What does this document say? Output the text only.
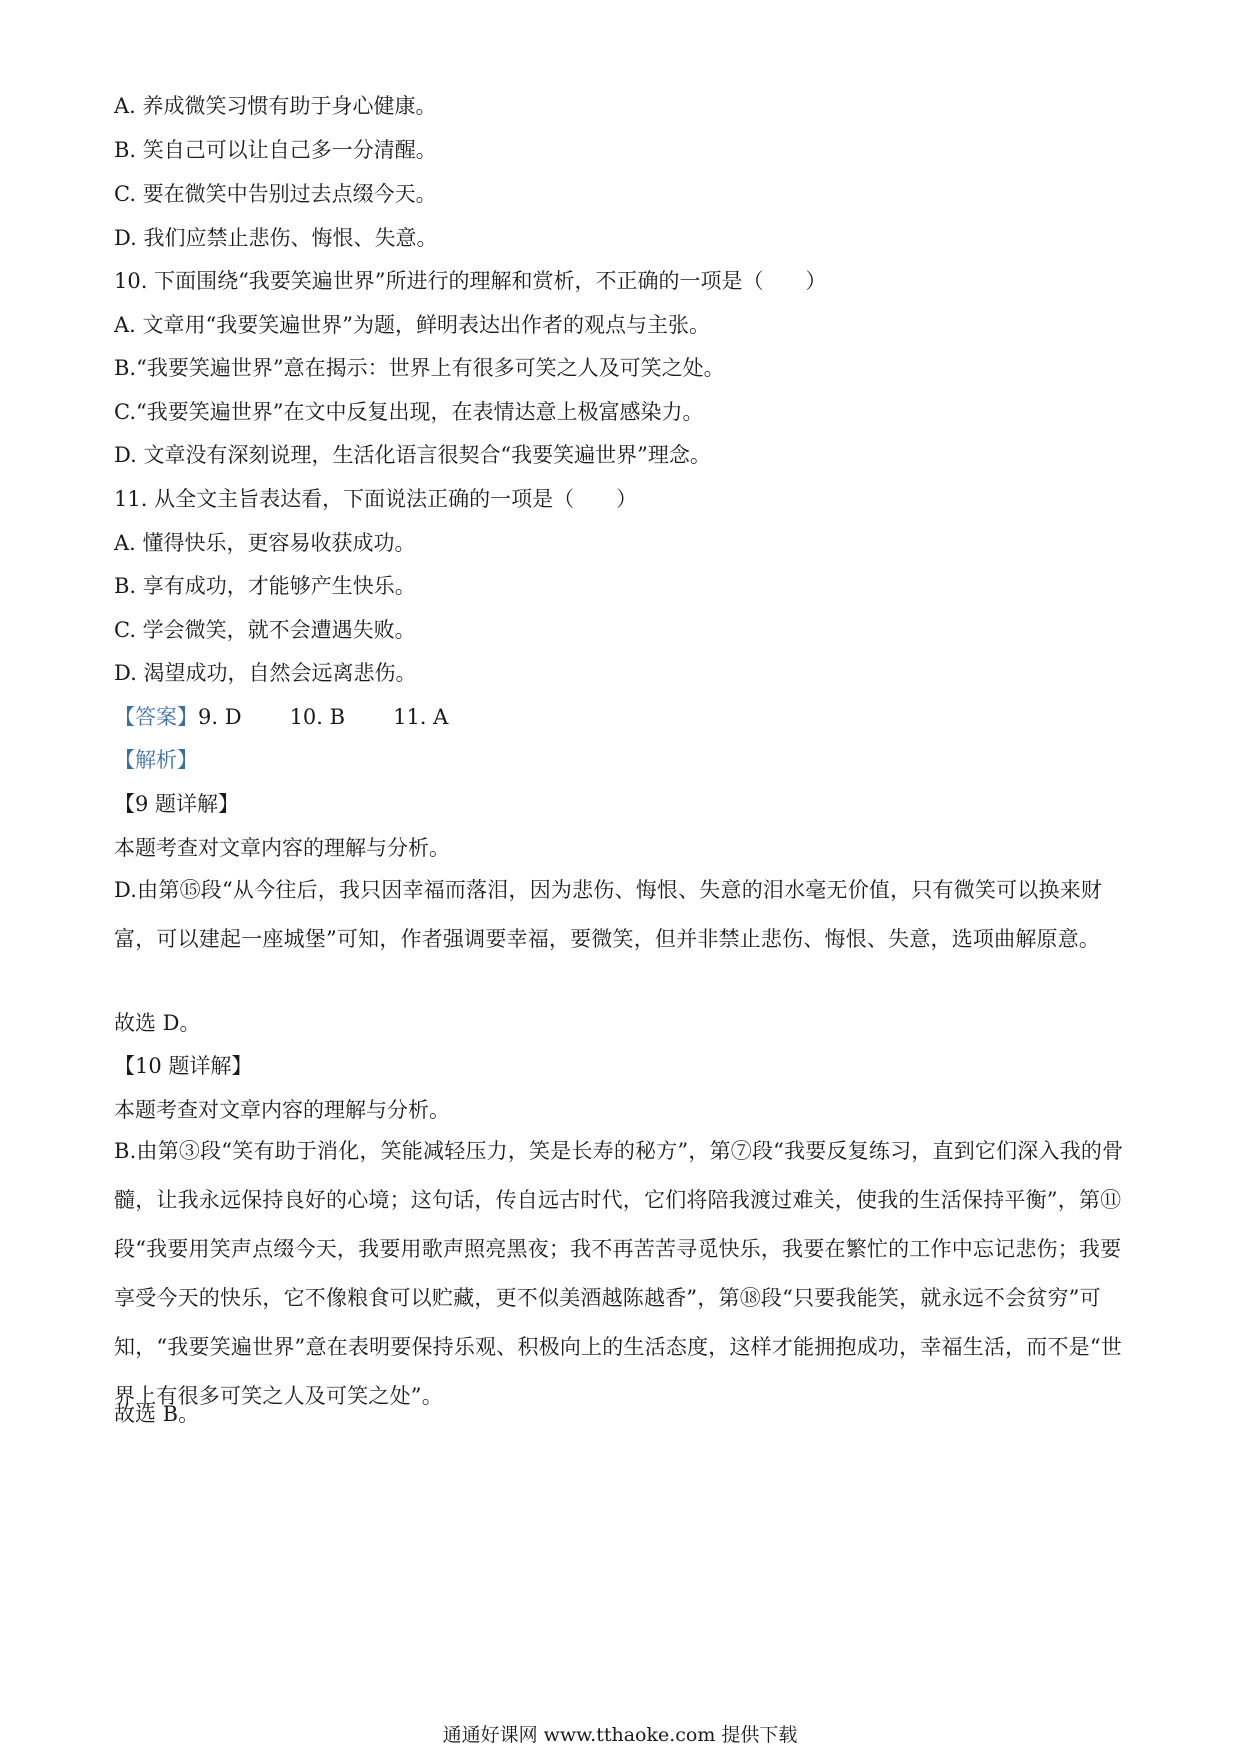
A. 养成微笑习惯有助于身心健康。
B. 笑自己可以让自己多一分清醒。
C. 要在微笑中告别过去点缀今天。
D. 我们应禁止悲伤、悔恨、失意。
10. 下面围绕“我要笑遍世界”所进行的理解和赏析，不正确的一项是（　　）
A. 文章用“我要笑遍世界”为题，鲜明表达出作者的观点与主张。
B.“我要笑遍世界”意在揭示：世界上有很多可笑之人及可笑之处。
C.“我要笑遍世界”在文中反复出现，在表情达意上极富感染力。
D. 文章没有深刻说理，生活化语言很契合“我要笑遍世界”理念。
11. 从全文主旨表达看，下面说法正确的一项是（　　）
A. 懂得快乐，更容易收获成功。
B. 享有成功，才能够产生快乐。
C. 学会微笑，就不会遭遇失败。
D. 渴望成功，自然会远离悲伤。
【答案】9. D 10. B 11. A
【解析】
【9 题详解】
本题考查对文章内容的理解与分析。
D.由第⑮段“从今往后，我只因幸福而落泪，因为悲伤、悔恨、失意的泪水毫无价值，只有微笑可以换来财富，可以建起一座城堡”可知，作者强调要幸福，要微笑，但并非禁止悲伤、悔恨、失意，选项曲解原意。
故选 D。
【10 题详解】
本题考查对文章内容的理解与分析。
B.由第③段“笑有助于消化，笑能减轻压力，笑是长寿的秘方”，第⑦段“我要反复练习，直到它们深入我的骨髓，让我永远保持良好的心境；这句话，传自远古时代，它们将陪我渡过难关，使我的生活保持平衡”，第⑪段“我要用笑声点缀今天，我要用歌声照亮黑夜；我不再苦苦寻觅快乐，我要在繁忙的工作中忘记悲伤；我要享受今天的快乐，它不像粮食可以贮藏，更不似美酒越陈越香”，第⑱段“只要我能笑，就永远不会贫穷”可知，“我要笑遍世界”意在表明要保持乐观、积极向上的生活态度，这样才能拥抱成功，幸福生活，而不是“世界上有很多可笑之人及可笑之处”。
故选 B。
通通好课网 www.tthaoke.com 提供下载
